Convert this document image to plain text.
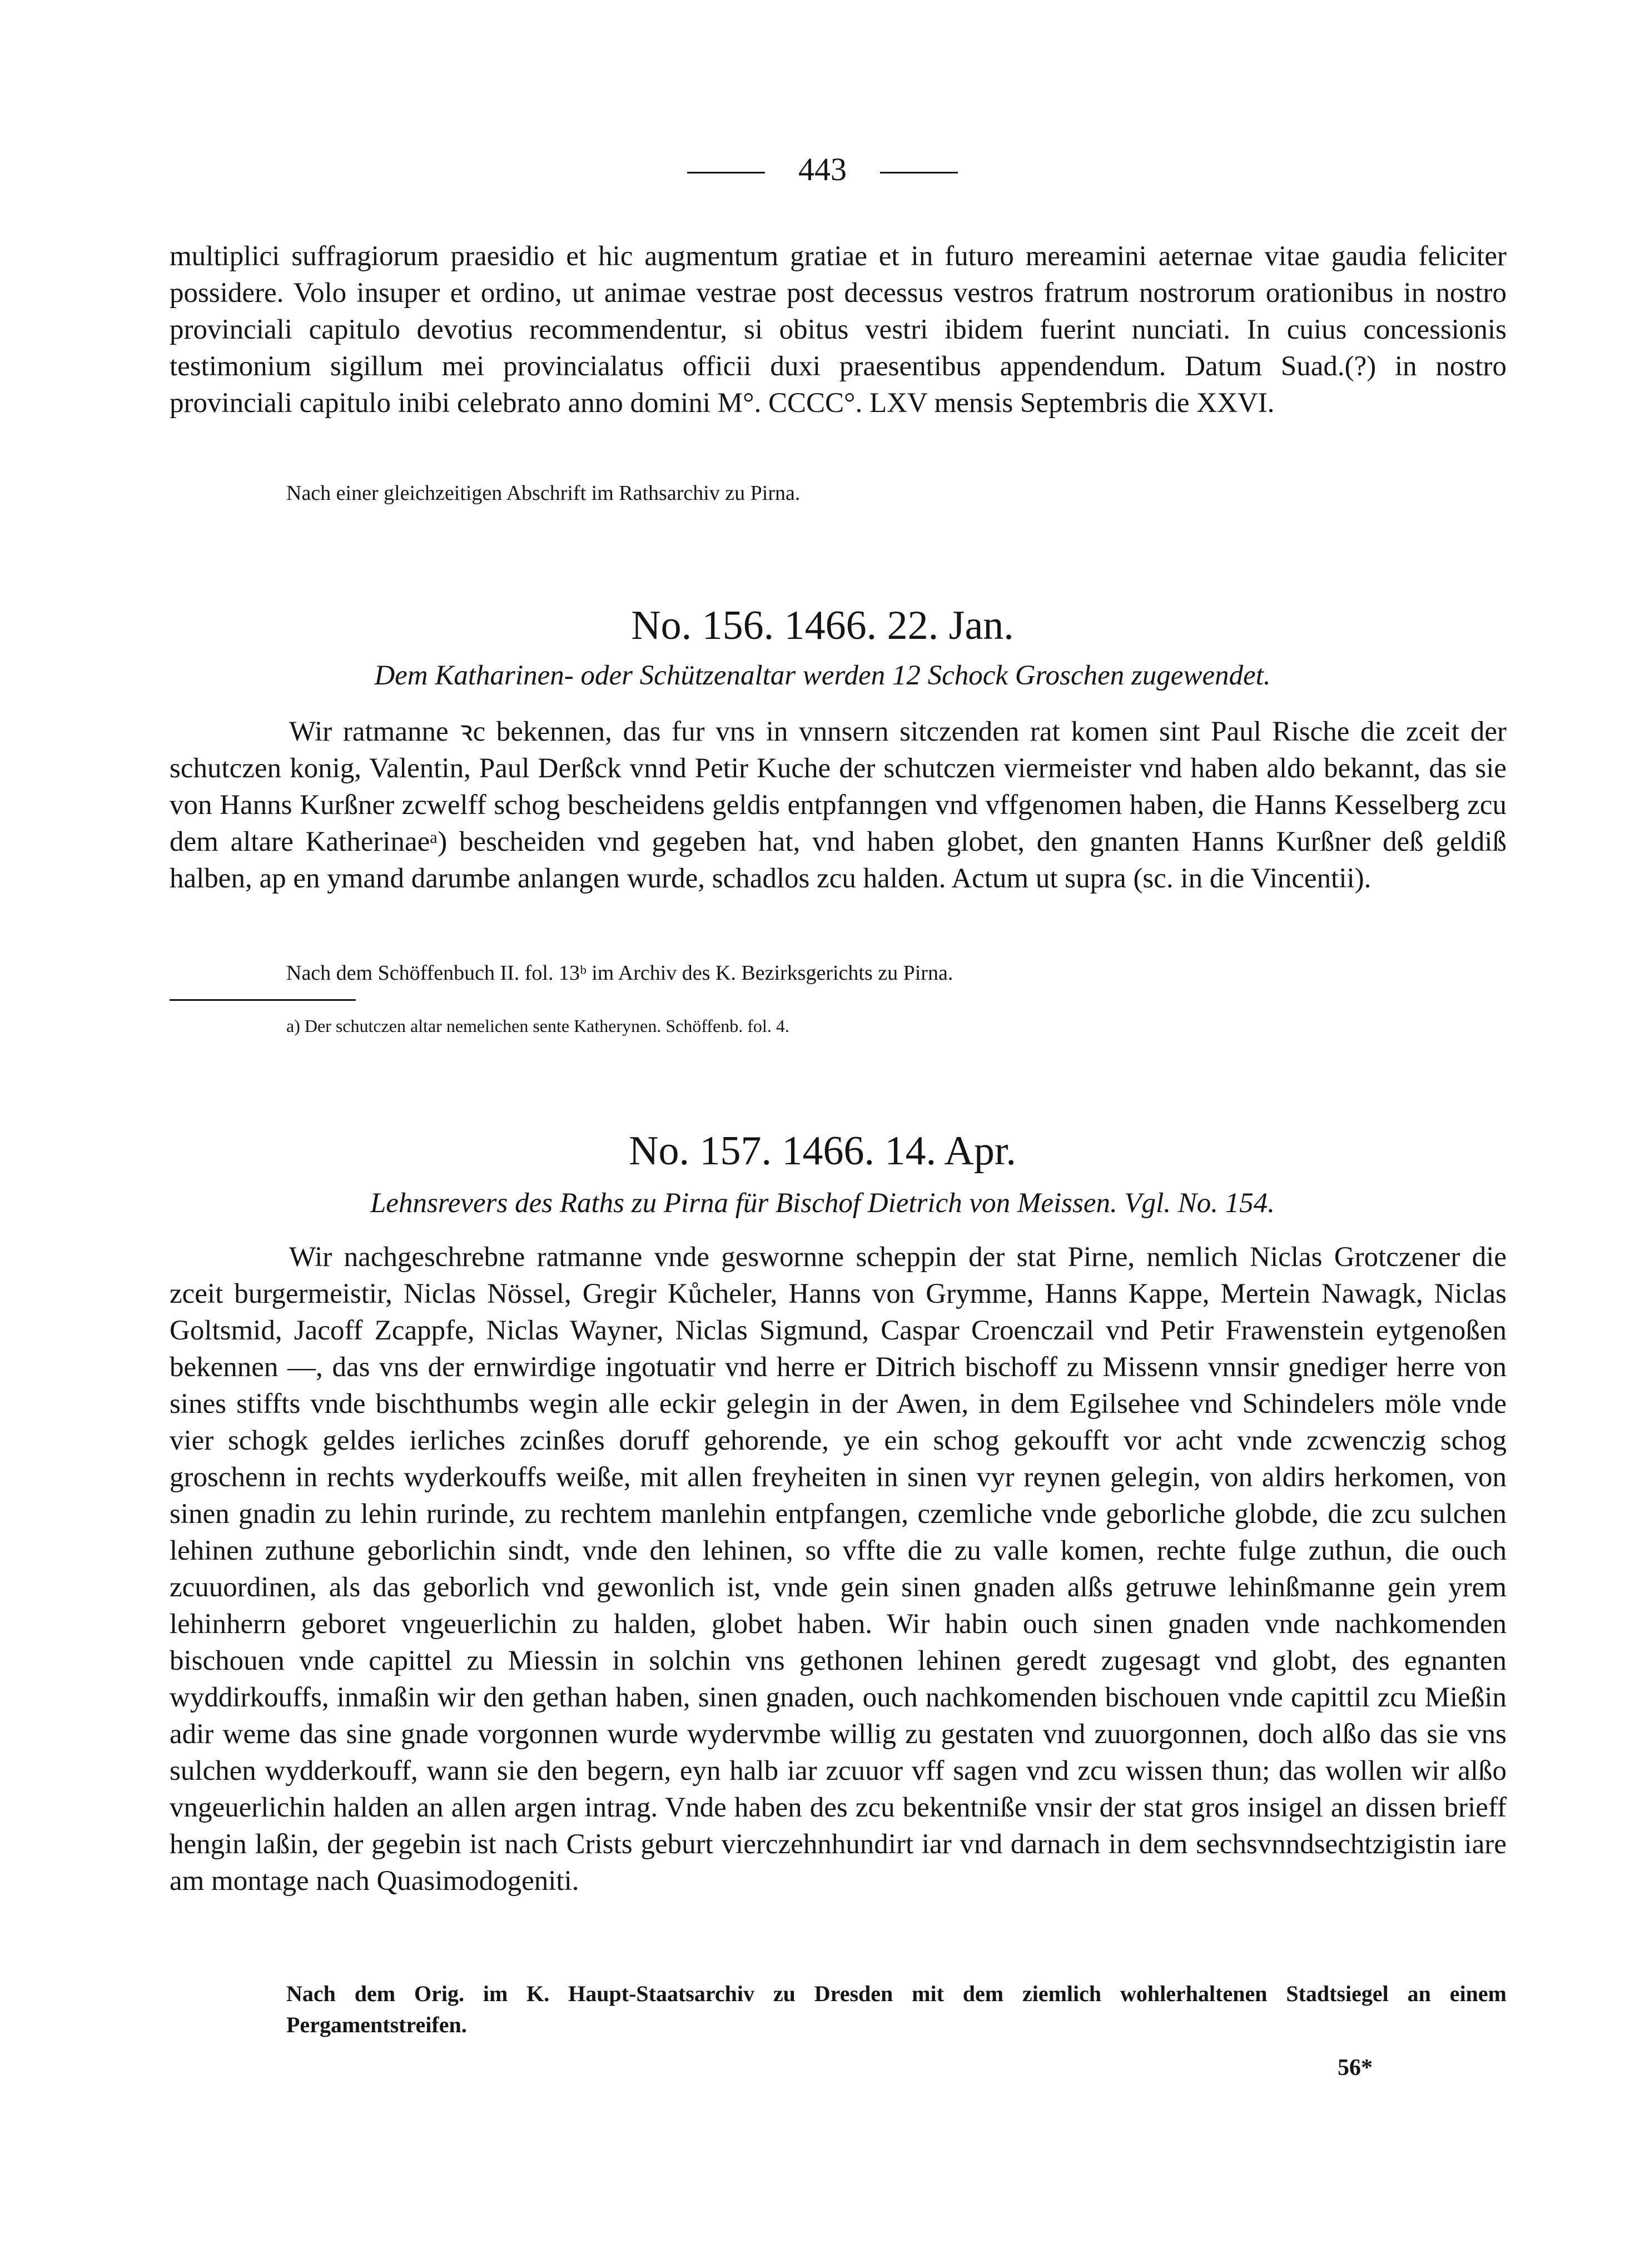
443

multiplici suffragiorum praesidio et hic augmentum gratiae et in futuro mereamini aeternae vitae gaudia feliciter possidere. Volo insuper et ordino, ut animae vestrae post decessus vestros fratrum nostrorum orationibus in nostro provinciali capitulo devotius recommendentur, si obitus vestri ibidem fuerint nunciati. In cuius concessionis testimonium sigillum mei provincialatus officii duxi praesentibus appendendum. Datum Suad.(?) in nostro provinciali capitulo inibi celebrato anno domini M°. CCCC°. LXV mensis Septembris die XXVI.

Nach einer gleichzeitigen Abschrift im Rathsarchiv zu Pirna.

No. 156. 1466. 22. Jan.
Dem Katharinen- oder Schützenaltar werden 12 Schock Groschen zugewendet.

Wir ratmanne ꝛc bekennen, das fur vns in vnnsern sitczenden rat komen sint Paul Rische die zceit der schutczen konig, Valentin, Paul Derßck vnnd Petir Kuche der schutczen viermeister vnd haben aldo bekannt, das sie von Hanns Kurßner zcwelff schog bescheidens geldis entpfanngen vnd vffgenomen haben, die Hanns Kesselberg zcu dem altare Katherinaeᵃ) bescheiden vnd gegeben hat, vnd haben globet, den gnanten Hanns Kurßner deß geldiß halben, ap en ymand darumbe anlangen wurde, schadlos zcu halden. Actum ut supra (sc. in die Vincentii).

Nach dem Schöffenbuch II. fol. 13ᵇ im Archiv des K. Bezirksgerichts zu Pirna.

a) Der schutczen altar nemelichen sente Katherynen. Schöffenb. fol. 4.
No. 157. 1466. 14. Apr.
Lehnsrevers des Raths zu Pirna für Bischof Dietrich von Meissen. Vgl. No. 154.

Wir nachgeschrebne ratmanne vnde geswornne scheppin der stat Pirne, nemlich Niclas Grotczener die zceit burgermeistir, Niclas Nössel, Gregir Kůcheler, Hanns von Grymme, Hanns Kappe, Mertein Nawagk, Niclas Goltsmid, Jacoff Zcappfe, Niclas Wayner, Niclas Sigmund, Caspar Croenczail vnd Petir Frawenstein eytgenoßen bekennen —, das vns der ernwirdige ingotuatir vnd herre er Ditrich bischoff zu Missenn vnnsir gnediger herre von sines stiffts vnde bischthumbs wegin alle eckir gelegin in der Awen, in dem Egilsehee vnd Schindelers möle vnde vier schogk geldes ierliches zcinßes doruff gehorende, ye ein schog gekoufft vor acht vnde zcwenczig schog groschenn in rechts wyderkouffs weiße, mit allen freyheiten in sinen vyr reynen gelegin, von aldirs herkomen, von sinen gnadin zu lehin rurinde, zu rechtem manlehin entpfangen, czemliche vnde geborliche globde, die zcu sulchen lehinen zuthune geborlichin sindt, vnde den lehinen, so vffte die zu valle komen, rechte fulge zuthun, die ouch zcuuordinen, als das geborlich vnd gewonlich ist, vnde gein sinen gnaden alßs getruwe lehinßmanne gein yrem lehinherrn geboret vngeuerlichin zu halden, globet haben. Wir habin ouch sinen gnaden vnde nachkomenden bischouen vnde capittel zu Miessin in solchin vns gethonen lehinen geredt zugesagt vnd globt, des egnanten wyddirkouffs, inmaßin wir den gethan haben, sinen gnaden, ouch nachkomenden bischouen vnde capittil zcu Mießin adir weme das sine gnade vorgonnen wurde wydervmbe willig zu gestaten vnd zuuorgonnen, doch alßo das sie vns sulchen wydderkouff, wann sie den begern, eyn halb iar zcuuor vff sagen vnd zcu wissen thun; das wollen wir alßo vngeuerlichin halden an allen argen intrag. Vnde haben des zcu bekentniße vnsir der stat gros insigel an dissen brieff hengin laßin, der gegebin ist nach Crists geburt vierczehnhundirt iar vnd darnach in dem sechsvnndsechtzigistin iare am montage nach Quasimodogeniti.

Nach dem Orig. im K. Haupt-Staatsarchiv zu Dresden mit dem ziemlich wohlerhaltenen Stadtsiegel an einem Pergamentstreifen.
56*
